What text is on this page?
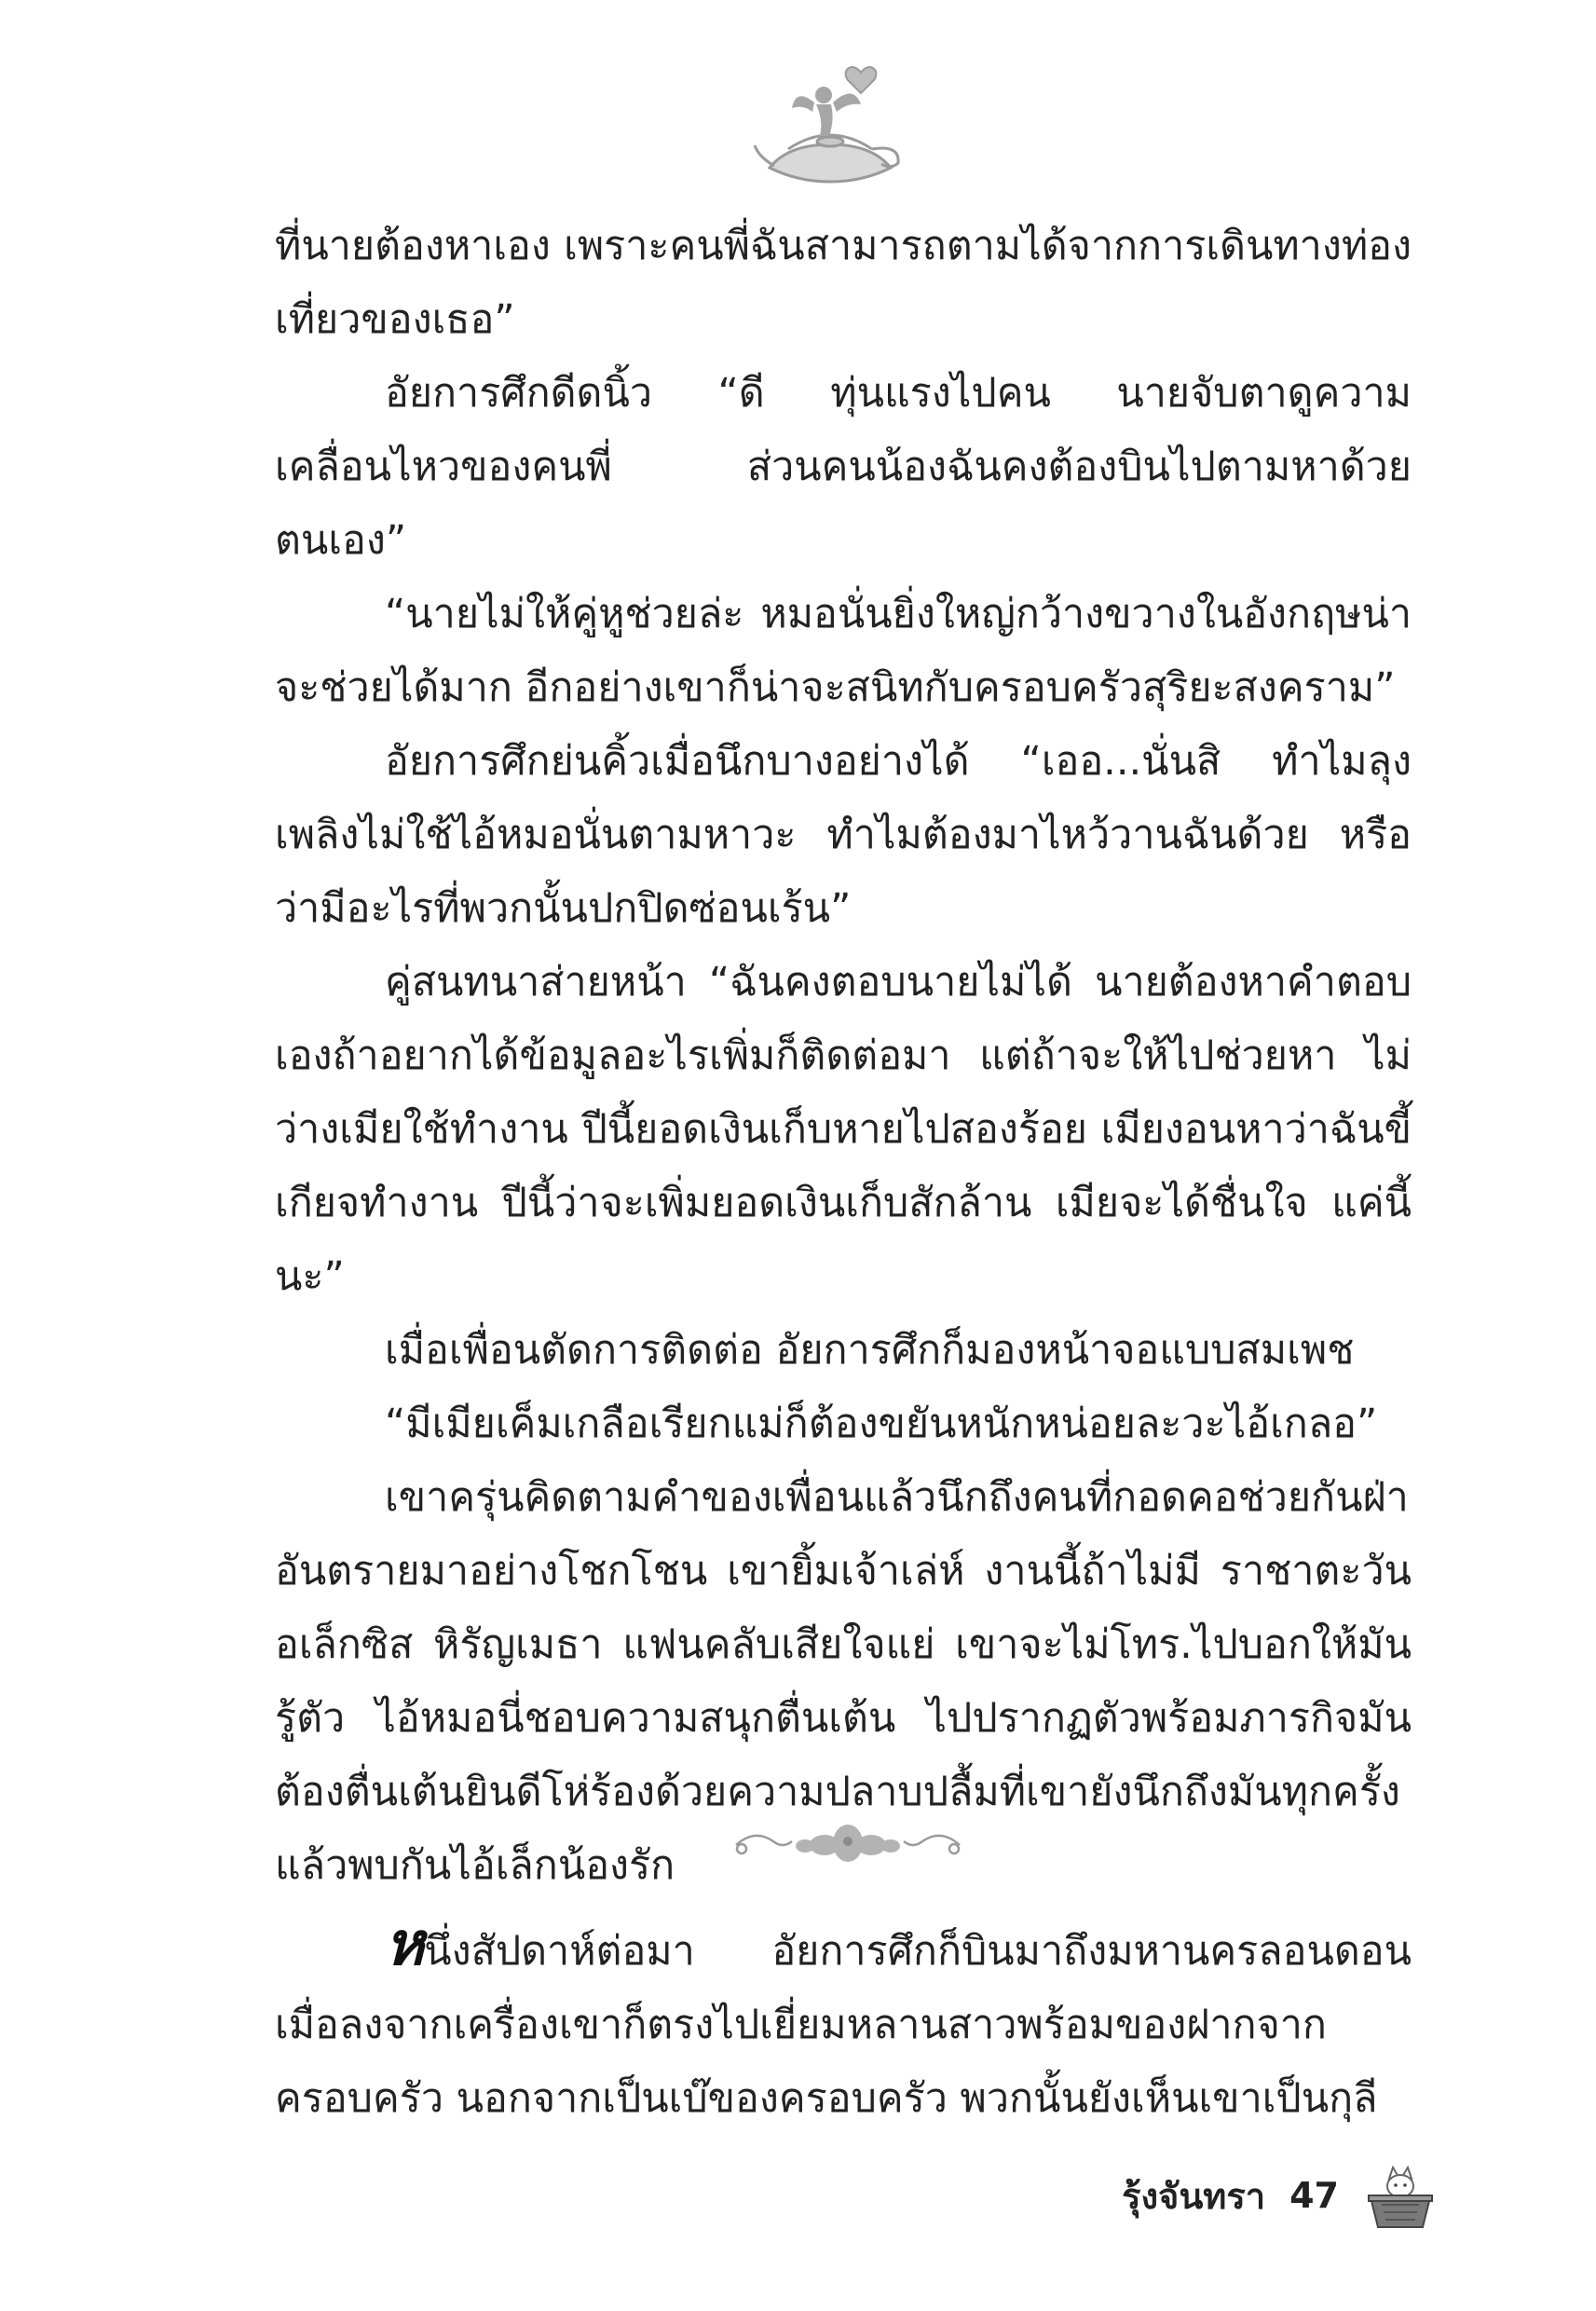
ที่นายต้องหาเอง เพราะคนพี่ฉันสามารถตามได้จากการเดินทางท่องเที่ยวของเธอ”

อัยการศึกดีดนิ้ว “ดี ทุ่นแรงไปคน นายจับตาดูความเคลื่อนไหวของคนพี่ ส่วนคนน้องฉันคงต้องบินไปตามหาด้วยตนเอง”

“นายไม่ให้คู่หูช่วยล่ะ หมอนั่นยิ่งใหญ่กว้างขวางในอังกฤษน่าจะช่วยได้มาก อีกอย่างเขาก็น่าจะสนิทกับครอบครัวสุริยะสงคราม”

อัยการศึกย่นคิ้วเมื่อนึกบางอย่างได้ “เออ...นั่นสิ ทำไมลุงเพลิงไม่ใช้ไอ้หมอนั่นตามหาวะ ทำไมต้องมาไหว้วานฉันด้วย หรือว่ามีอะไรที่พวกนั้นปกปิดซ่อนเร้น”

คู่สนทนาส่ายหน้า “ฉันคงตอบนายไม่ได้ นายต้องหาคำตอบเองถ้าอยากได้ข้อมูลอะไรเพิ่มก็ติดต่อมา แต่ถ้าจะให้ไปช่วยหา ไม่ว่างเมียใช้ทำงาน ปีนี้ยอดเงินเก็บหายไปสองร้อย เมียงอนหาว่าฉันขี้เกียจทำงาน ปีนี้ว่าจะเพิ่มยอดเงินเก็บสักล้าน เมียจะได้ชื่นใจ แค่นี้นะ”

เมื่อเพื่อนตัดการติดต่อ อัยการศึกก็มองหน้าจอแบบสมเพช

“มีเมียเค็มเกลือเรียกแม่ก็ต้องขยันหนักหน่อยละวะไอ้เกลอ”

เขาครุ่นคิดตามคำของเพื่อนแล้วนึกถึงคนที่กอดคอช่วยกันฝ่าอันตรายมาอย่างโชกโชน เขายิ้มเจ้าเล่ห์ งานนี้ถ้าไม่มี ราชาตะวัน อเล็กซิส หิรัญเมธา แฟนคลับเสียใจแย่ เขาจะไม่โทร.ไปบอกให้มันรู้ตัว ไอ้หมอนี่ชอบความสนุกตื่นเต้น ไปปรากฏตัวพร้อมภารกิจมันต้องตื่นเต้นยินดีโห่ร้องด้วยความปลาบปลื้มที่เขายังนึกถึงมันทุกครั้ง แล้วพบกันไอ้เล็กน้องรัก

หนึ่งสัปดาห์ต่อมา อัยการศึกก็บินมาถึงมหานครลอนดอน เมื่อลงจากเครื่องเขาก็ตรงไปเยี่ยมหลานสาวพร้อมของฝากจากครอบครัว นอกจากเป็นเบ๊ของครอบครัว พวกนั้นยังเห็นเขาเป็นกุลี

รุ้งจันทรา 47
